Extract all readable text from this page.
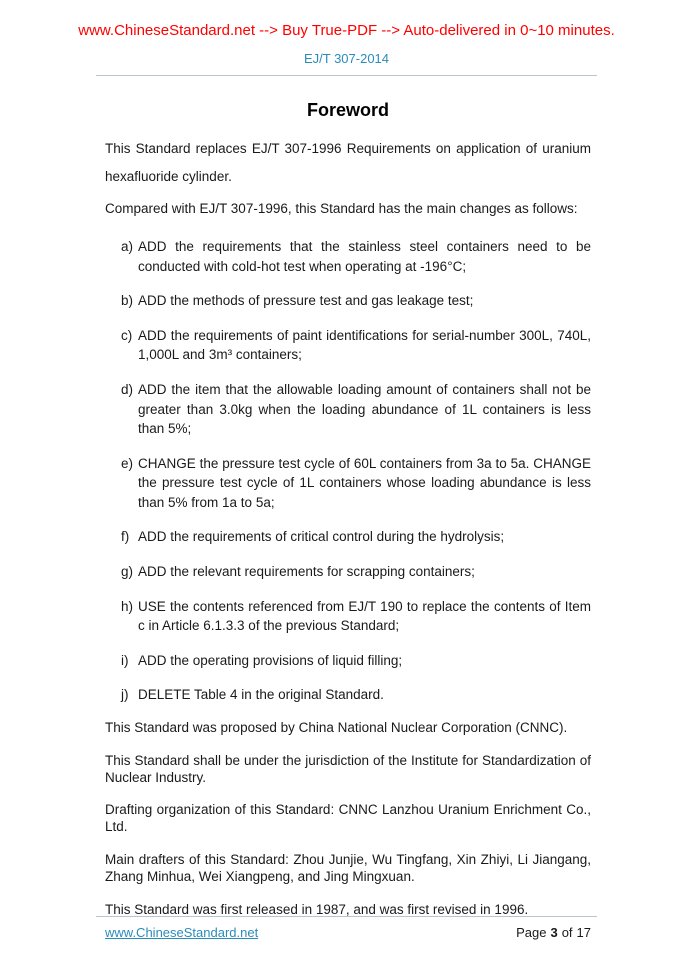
www.ChineseStandard.net --> Buy True-PDF --> Auto-delivered in 0~10 minutes.
EJ/T 307-2014
Foreword

This Standard replaces EJ/T 307-1996 Requirements on application of uranium hexafluoride cylinder.

Compared with EJ/T 307-1996, this Standard has the main changes as follows:

a) ADD the requirements that the stainless steel containers need to be conducted with cold-hot test when operating at -196°C;
b) ADD the methods of pressure test and gas leakage test;
c) ADD the requirements of paint identifications for serial-number 300L, 740L, 1,000L and 3m³ containers;
d) ADD the item that the allowable loading amount of containers shall not be greater than 3.0kg when the loading abundance of 1L containers is less than 5%;
e) CHANGE the pressure test cycle of 60L containers from 3a to 5a. CHANGE the pressure test cycle of 1L containers whose loading abundance is less than 5% from 1a to 5a;
f) ADD the requirements of critical control during the hydrolysis;
g) ADD the relevant requirements for scrapping containers;
h) USE the contents referenced from EJ/T 190 to replace the contents of Item c in Article 6.1.3.3 of the previous Standard;
i) ADD the operating provisions of liquid filling;
j) DELETE Table 4 in the original Standard.

This Standard was proposed by China National Nuclear Corporation (CNNC).

This Standard shall be under the jurisdiction of the Institute for Standardization of Nuclear Industry.

Drafting organization of this Standard: CNNC Lanzhou Uranium Enrichment Co., Ltd.

Main drafters of this Standard: Zhou Junjie, Wu Tingfang, Xin Zhiyi, Li Jiangang, Zhang Minhua, Wei Xiangpeng, and Jing Mingxuan.

This Standard was first released in 1987, and was first revised in 1996.

www.ChineseStandard.net	Page 3 of 17
